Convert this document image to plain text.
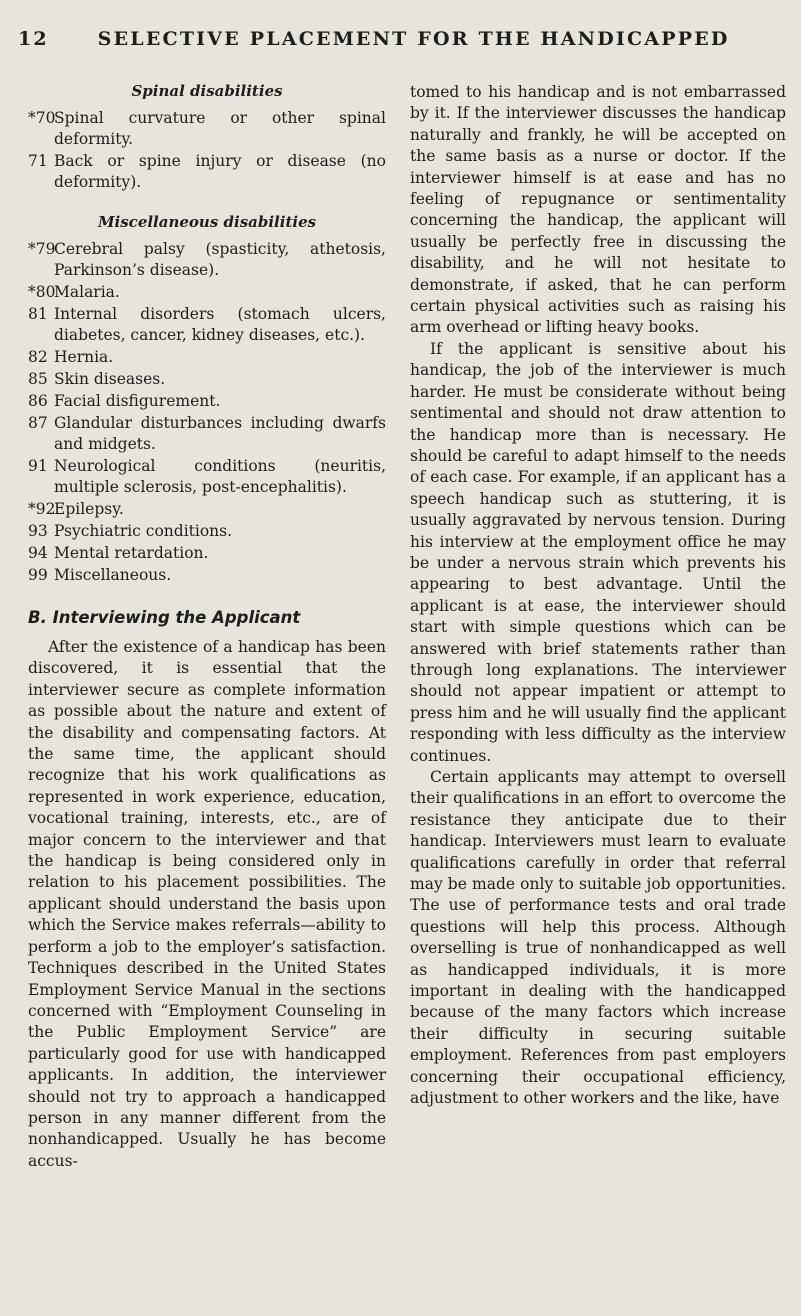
12	SELECTIVE PLACEMENT FOR THE HANDICAPPED
Spinal disabilities
*70
Spinal curvature or other spinal deformity.
71 Back or spine injury or disease (no deformity).
Miscellaneous disabilities
*79
Cerebral palsy (spasticity, athetosis, Parkinson’s disease).
*80
Malaria.
81 Internal disorders (stomach ulcers, diabetes, cancer, kidney diseases, etc.).
82 Hernia.
85 Skin diseases.
86 Facial disfigurement.
87 Glandular disturbances including dwarfs and midgets.
91 Neurological conditions (neuritis, multiple sclerosis, post-encephalitis).
*92
Epilepsy.
93 Psychiatric conditions.
94 Mental retardation.
99 Miscellaneous.
B. Interviewing the Applicant

After the existence of a handicap has been discovered, it is essential that the interviewer secure as complete information as possible about the nature and extent of the disability and compensating factors. At the same time, the applicant should recognize that his work qualifications as represented in work experience, education, vocational training, interests, etc., are of major concern to the interviewer and that the handicap is being considered only in relation to his placement possibilities. The applicant should understand the basis upon which the Service makes referrals—ability to perform a job to the employer’s satisfaction. Techniques described in the United States Employment Service Manual in the sections concerned with “Employment Counseling in the Public Employment Service” are particularly good for use with handicapped applicants. In addition, the interviewer should not try to approach a handicapped person in any manner different from the nonhandicapped. Usually he has become accus-

tomed to his handicap and is not embarrassed by it. If the interviewer discusses the handicap naturally and frankly, he will be accepted on the same basis as a nurse or doctor. If the interviewer himself is at ease and has no feeling of repugnance or sentimentality concerning the handicap, the applicant will usually be perfectly free in discussing the disability, and he will not hesitate to demonstrate, if asked, that he can perform certain physical activities such as raising his arm overhead or lifting heavy books.

If the applicant is sensitive about his handicap, the job of the interviewer is much harder. He must be considerate without being sentimental and should not draw attention to the handicap more than is necessary. He should be careful to adapt himself to the needs of each case. For example, if an applicant has a speech handicap such as stuttering, it is usually aggravated by nervous tension. During his interview at the employment office he may be under a nervous strain which prevents his appearing to best advantage. Until the applicant is at ease, the interviewer should start with simple questions which can be answered with brief statements rather than through long explanations. The interviewer should not appear impatient or attempt to press him and he will usually find the applicant responding with less difficulty as the interview continues.

Certain applicants may attempt to oversell their qualifications in an effort to overcome the resistance they anticipate due to their handicap. Interviewers must learn to evaluate qualifications carefully in order that referral may be made only to suitable job opportunities. The use of performance tests and oral trade questions will help this process. Although overselling is true of nonhandicapped as well as handicapped individuals, it is more important in dealing with the handicapped because of the many factors which increase their difficulty in securing suitable employment. References from past employers concerning their occupational efficiency, adjustment to other workers and the like, have
